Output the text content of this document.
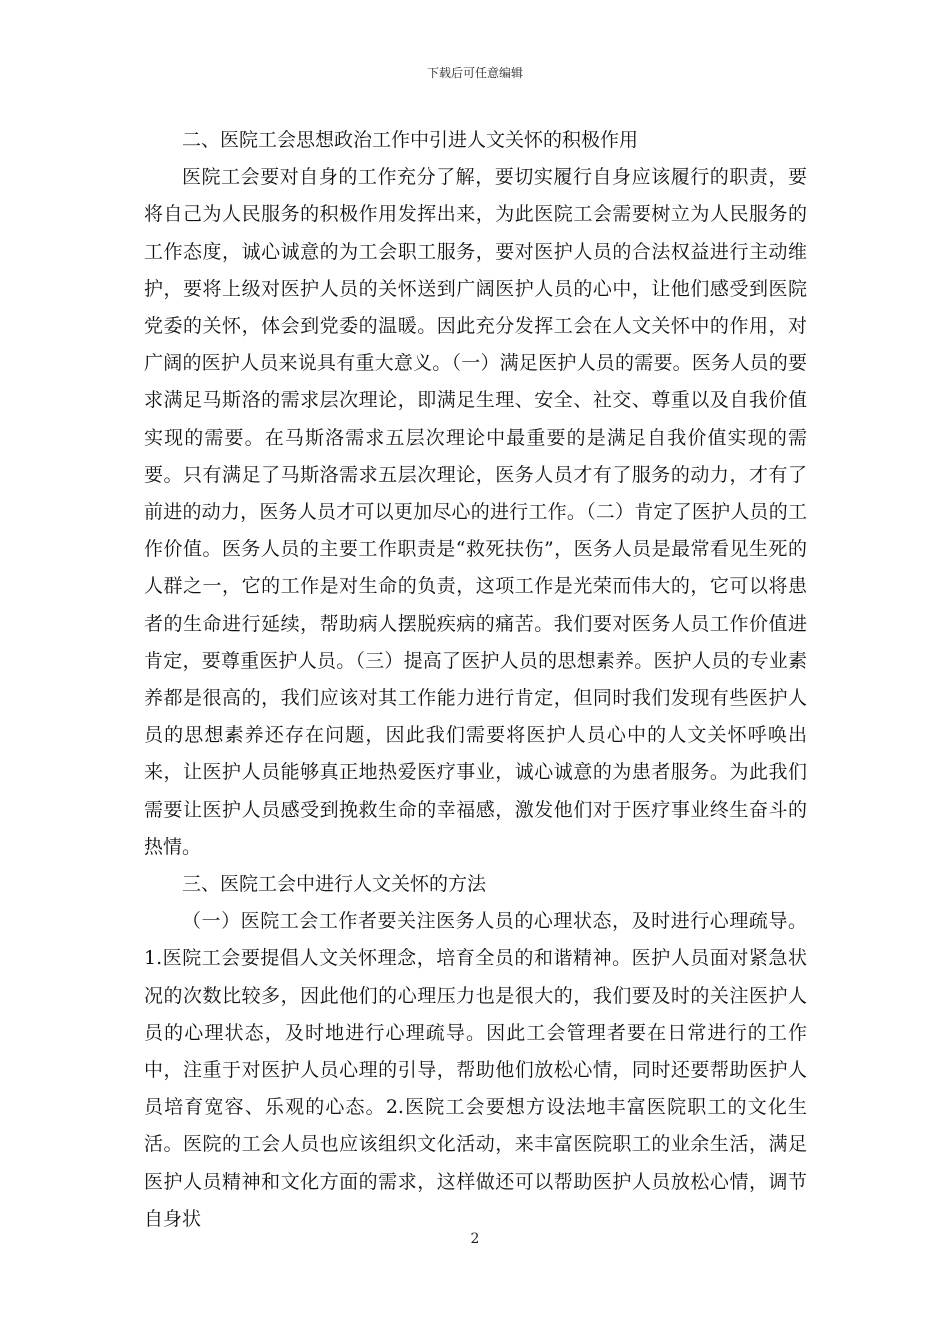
下载后可任意编辑

二、医院工会思想政治工作中引进人文关怀的积极作用

医院工会要对自身的工作充分了解，要切实履行自身应该履行的职责，要将自己为人民服务的积极作用发挥出来，为此医院工会需要树立为人民服务的工作态度，诚心诚意的为工会职工服务，要对医护人员的合法权益进行主动维护，要将上级对医护人员的关怀送到广阔医护人员的心中，让他们感受到医院党委的关怀，体会到党委的温暖。因此充分发挥工会在人文关怀中的作用，对广阔的医护人员来说具有重大意义。（一）满足医护人员的需要。医务人员的要求满足马斯洛的需求层次理论，即满足生理、安全、社交、尊重以及自我价值实现的需要。在马斯洛需求五层次理论中最重要的是满足自我价值实现的需要。只有满足了马斯洛需求五层次理论，医务人员才有了服务的动力，才有了前进的动力，医务人员才可以更加尽心的进行工作。（二）肯定了医护人员的工作价值。医务人员的主要工作职责是“救死扶伤”，医务人员是最常看见生死的人群之一，它的工作是对生命的负责，这项工作是光荣而伟大的，它可以将患者的生命进行延续，帮助病人摆脱疾病的痛苦。我们要对医务人员工作价值进肯定，要尊重医护人员。（三）提高了医护人员的思想素养。医护人员的专业素养都是很高的，我们应该对其工作能力进行肯定，但同时我们发现有些医护人员的思想素养还存在问题，因此我们需要将医护人员心中的人文关怀呼唤出来，让医护人员能够真正地热爱医疗事业，诚心诚意的为患者服务。为此我们需要让医护人员感受到挽救生命的幸福感，激发他们对于医疗事业终生奋斗的热情。

三、医院工会中进行人文关怀的方法

（一）医院工会工作者要关注医务人员的心理状态，及时进行心理疏导。1.医院工会要提倡人文关怀理念，培育全员的和谐精神。医护人员面对紧急状况的次数比较多，因此他们的心理压力也是很大的，我们要及时的关注医护人员的心理状态，及时地进行心理疏导。因此工会管理者要在日常进行的工作中，注重于对医护人员心理的引导，帮助他们放松心情，同时还要帮助医护人员培育宽容、乐观的心态。2.医院工会要想方设法地丰富医院职工的文化生活。医院的工会人员也应该组织文化活动，来丰富医院职工的业余生活，满足医护人员精神和文化方面的需求，这样做还可以帮助医护人员放松心情，调节自身状

2
